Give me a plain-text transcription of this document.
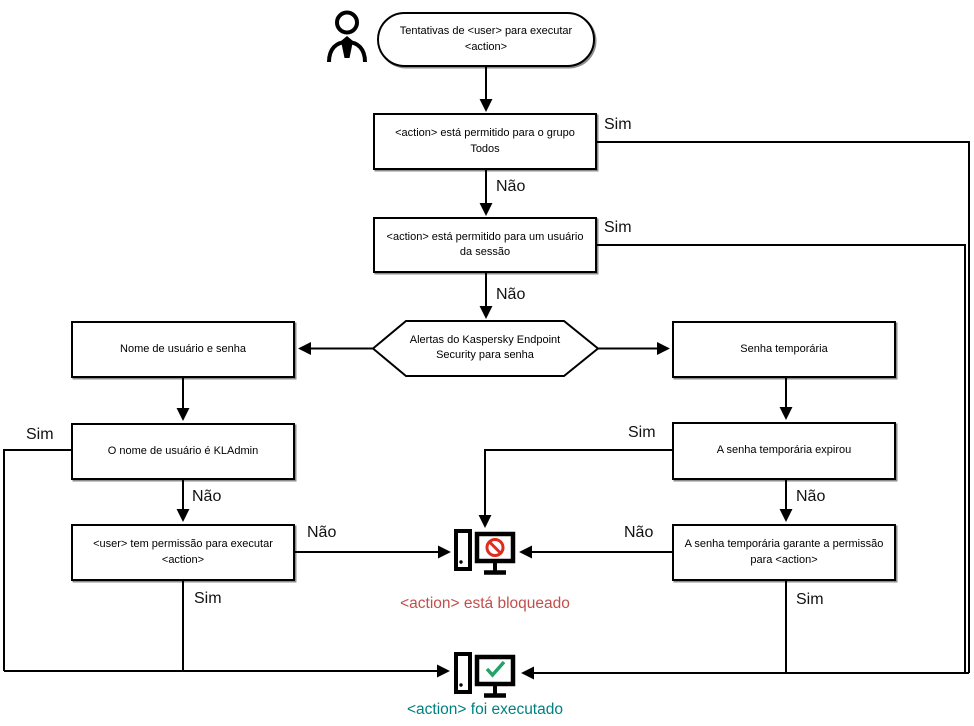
Tentativas de <user> para executar <action>
<action> está permitido para o grupo Todos
<action> está permitido para um usuário da sessão
Alertas do Kaspersky Endpoint Security para senha
Nome de usuário e senha
O nome de usuário é KLAdmin
<user> tem permissão para executar <action>
Senha temporária
A senha temporária expirou
A senha temporária garante a permissão para <action>
Sim
Não
Sim
Não
Sim
Não
Não
Sim
Sim
Não
Não
Sim
<action> está bloqueado
<action> foi executado
